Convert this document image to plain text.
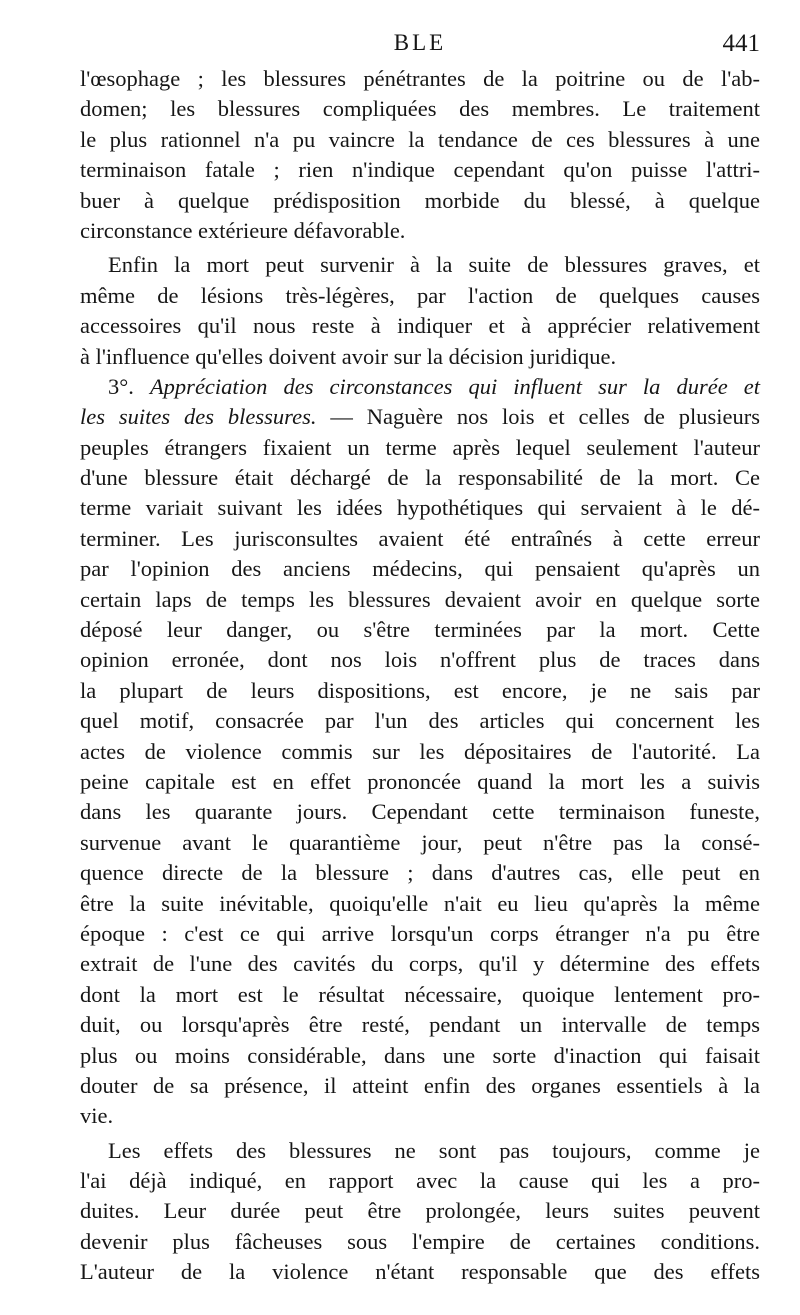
BLE	441
l'œsophage ; les blessures pénétrantes de la poitrine ou de l'ab-
domen; les blessures compliquées des membres. Le traitement
le plus rationnel n'a pu vaincre la tendance de ces blessures à une
terminaison fatale ; rien n'indique cependant qu'on puisse l'attri-
buer à quelque prédisposition morbide du blessé, à quelque
circonstance extérieure défavorable.
Enfin la mort peut survenir à la suite de blessures graves, et
même de lésions très-légères, par l'action de quelques causes
accessoires qu'il nous reste à indiquer et à apprécier relativement
à l'influence qu'elles doivent avoir sur la décision juridique.
3°. Appréciation des circonstances qui influent sur la durée et
les suites des blessures. — Naguère nos lois et celles de plusieurs
peuples étrangers fixaient un terme après lequel seulement l'auteur
d'une blessure était déchargé de la responsabilité de la mort. Ce
terme variait suivant les idées hypothétiques qui servaient à le dé-
terminer. Les jurisconsultes avaient été entraînés à cette erreur
par l'opinion des anciens médecins, qui pensaient qu'après un
certain laps de temps les blessures devaient avoir en quelque sorte
déposé leur danger, ou s'être terminées par la mort. Cette
opinion erronée, dont nos lois n'offrent plus de traces dans
la plupart de leurs dispositions, est encore, je ne sais par
quel motif, consacrée par l'un des articles qui concernent les
actes de violence commis sur les dépositaires de l'autorité. La
peine capitale est en effet prononcée quand la mort les a suivis
dans les quarante jours. Cependant cette terminaison funeste,
survenue avant le quarantième jour, peut n'être pas la consé-
quence directe de la blessure ; dans d'autres cas, elle peut en
être la suite inévitable, quoiqu'elle n'ait eu lieu qu'après la même
époque : c'est ce qui arrive lorsqu'un corps étranger n'a pu être
extrait de l'une des cavités du corps, qu'il y détermine des effets
dont la mort est le résultat nécessaire, quoique lentement pro-
duit, ou lorsqu'après être resté, pendant un intervalle de temps
plus ou moins considérable, dans une sorte d'inaction qui faisait
douter de sa présence, il atteint enfin des organes essentiels à la
vie.
Les effets des blessures ne sont pas toujours, comme je
l'ai déjà indiqué, en rapport avec la cause qui les a pro-
duites. Leur durée peut être prolongée, leurs suites peuvent
devenir plus fâcheuses sous l'empire de certaines conditions.
L'auteur de la violence n'étant responsable que des effets
